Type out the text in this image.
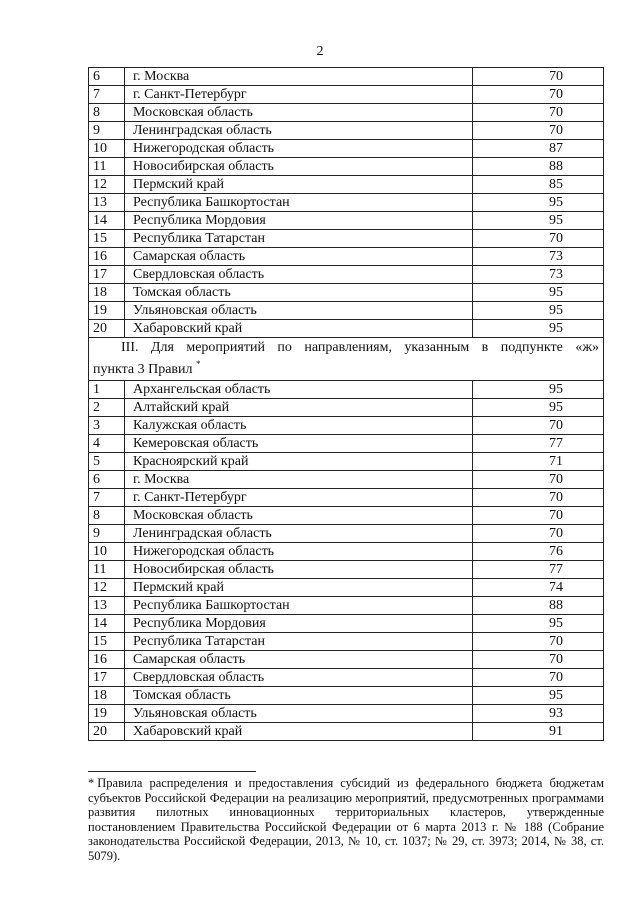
2
6	г. Москва	70
7	г. Санкт-Петербург	70
8	Московская область	70
9	Ленинградская область	70
10	Нижегородская область	87
11	Новосибирская область	88
12	Пермский край	85
13	Республика Башкортостан	95
14	Республика Мордовия	95
15	Республика Татарстан	70
16	Самарская область	73
17	Свердловская область	73
18	Томская область	95
19	Ульяновская область	95
20	Хабаровский край	95

III. Для мероприятий по направлениям, указанным в подпункте «ж»
пункта 3 Правил *

1	Архангельская область	95
2	Алтайский край	95
3	Калужская область	70
4	Кемеровская область	77
5	Красноярский край	71
6	г. Москва	70
7	г. Санкт-Петербург	70
8	Московская область	70
9	Ленинградская область	70
10	Нижегородская область	76
11	Новосибирская область	77
12	Пермский край	74
13	Республика Башкортостан	88
14	Республика Мордовия	95
15	Республика Татарстан	70
16	Самарская область	70
17	Свердловская область	70
18	Томская область	95
19	Ульяновская область	93
20	Хабаровский край	91
* Правила распределения и предоставления субсидий из федерального бюджета бюджетам субъектов Российской Федерации на реализацию мероприятий, предусмотренных программами развития пилотных инновационных территориальных кластеров, утвержденные постановлением Правительства Российской Федерации от 6 марта 2013 г. № 188 (Собрание законодательства Российской Федерации, 2013, № 10, ст. 1037; № 29, ст. 3973; 2014, № 38, ст. 5079).
